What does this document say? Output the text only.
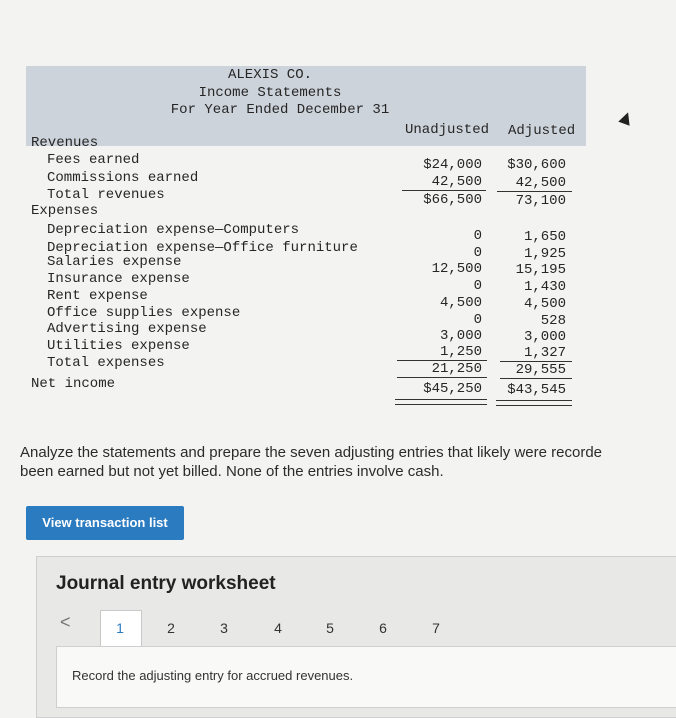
ALEXIS CO.
Income Statements
For Year Ended December 31
Unadjusted Adjusted
Revenues
Fees earned	$24,000	$30,600
Commissions earned	42,500	42,500
Total revenues	$66,500	73,100
Expenses
Depreciation expense—Computers	0	1,650
Depreciation expense—Office furniture	0	1,925
Salaries expense	12,500	15,195
Insurance expense	0	1,430
Rent expense	4,500	4,500
Office supplies expense	0	528
Advertising expense	3,000	3,000
Utilities expense	1,250	1,327
Total expenses	21,250	29,555
Net income	$45,250	$43,545
Analyze the statements and prepare the seven adjusting entries that likely were recorde
been earned but not yet billed. None of the entries involve cash.
View transaction list
Journal entry worksheet
<	1	2	3	4	5	6	7
Record the adjusting entry for accrued revenues.
